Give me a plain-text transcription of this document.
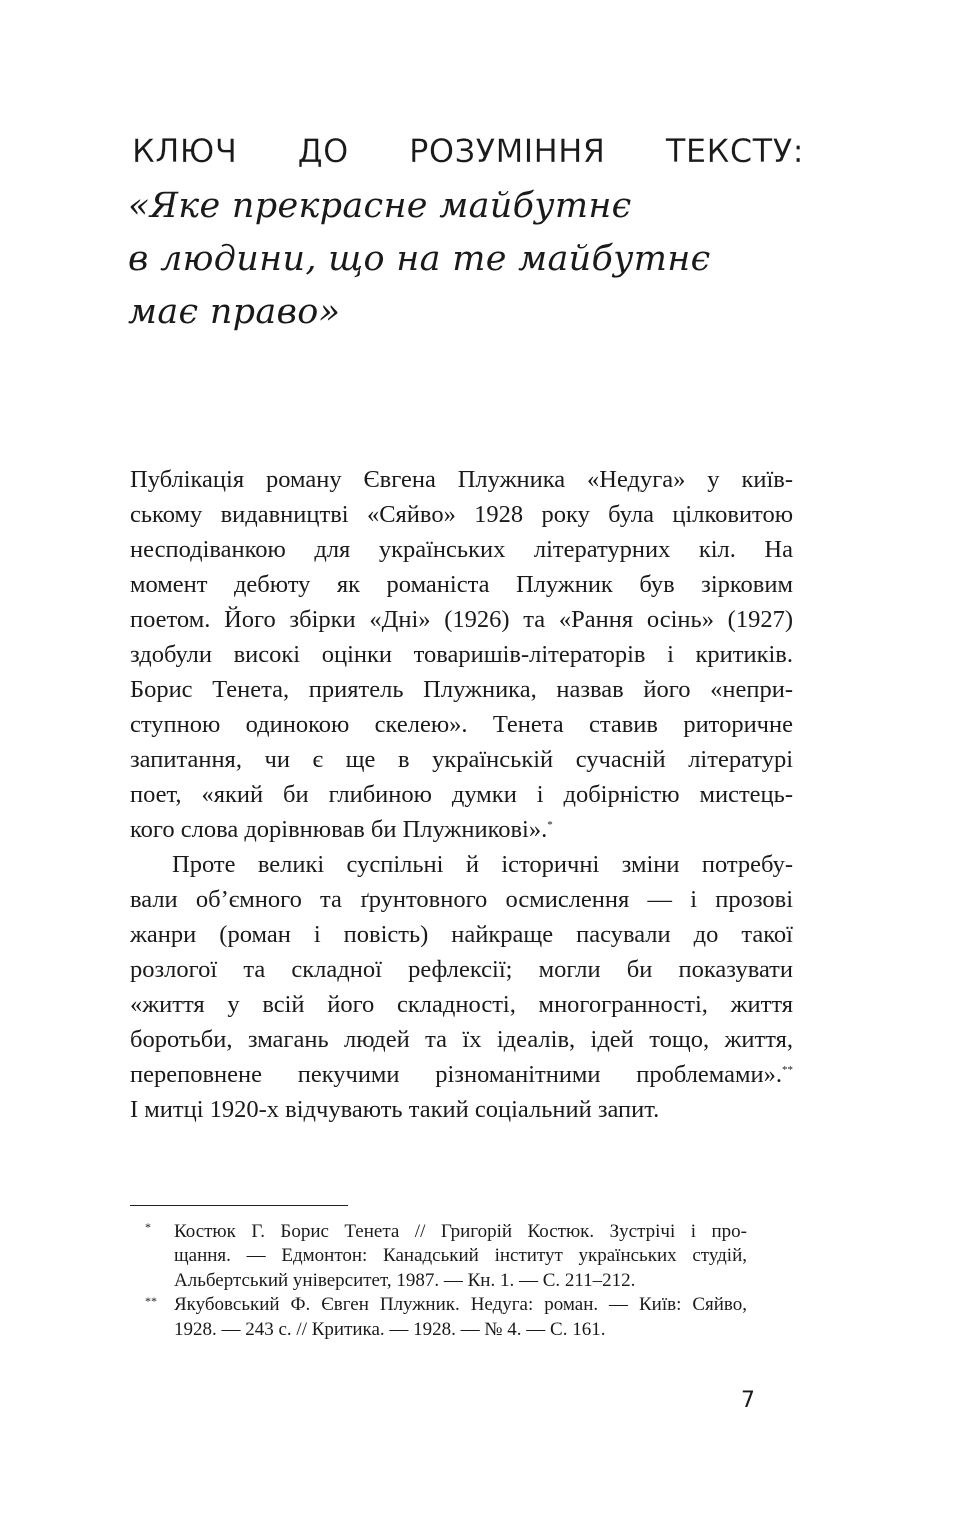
КЛЮЧ ДО РОЗУМІННЯ ТЕКСТУ:
«Яке прекрасне майбутнє
в людини, що на те майбутнє
має право»
Публікація роману Євгена Плужника «Недуга» у київ-
ському видавництві «Сяйво» 1928 року була цілковитою
несподіванкою для українських літературних кіл. На
момент дебюту як романіста Плужник був зірковим
поетом. Його збірки «Дні» (1926) та «Рання осінь» (1927)
здобули високі оцінки товаришів-літераторів і критиків.
Борис Тенета, приятель Плужника, назвав його «непри-
ступною одинокою скелею». Тенета ставив риторичне
запитання, чи є ще в українській сучасній літературі
поет, «який би глибиною думки і добірністю мистець-
кого слова дорівнював би Плужникові».*
Проте великі суспільні й історичні зміни потребу-
вали об’ємного та ґрунтовного осмислення — і прозові
жанри (роман і повість) найкраще пасували до такої
розлогої та складної рефлексії; могли би показувати
«життя у всій його складності, многогранності, життя
боротьби, змагань людей та їх ідеалів, ідей тощо, життя,
переповнене пекучими різноманітними проблемами».**
І митці 1920-х відчувають такий соціальний запит.
* Костюк Г. Борис Тенета // Григорій Костюк. Зустрічі і про-
щання. — Едмонтон: Канадський інститут українських студій,
Альбертський університет, 1987. — Кн. 1. — С. 211–212.
** Якубовський Ф. Євген Плужник. Недуга: роман. — Київ: Сяйво,
1928. — 243 с. // Критика. — 1928. — № 4. — С. 161.
7
